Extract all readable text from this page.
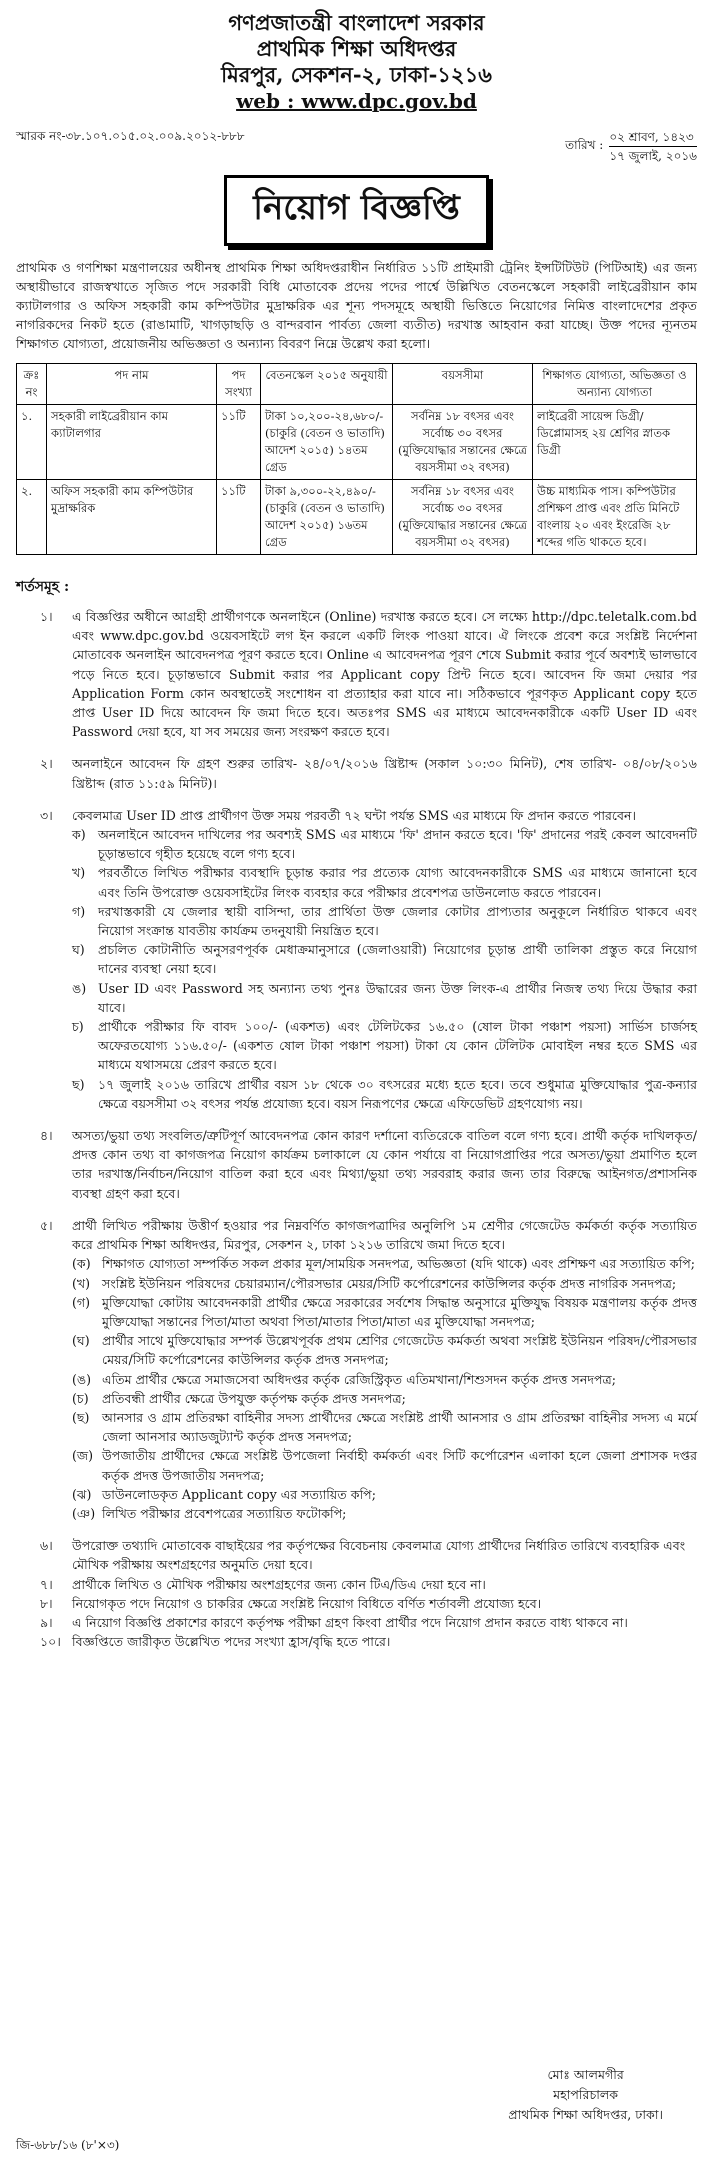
গণপ্রজাতন্ত্রী বাংলাদেশ সরকার
প্রাথমিক শিক্ষা অধিদপ্তর
মিরপুর, সেকশন-২, ঢাকা-১২১৬
web : www.dpc.gov.bd
স্মারক নং-৩৮.১০৭.০১৫.০২.০০৯.২০১২-৮৮৮
তারিখ :
০২ শ্রাবণ, ১৪২৩
১৭ জুলাই, ২০১৬
নিয়োগ বিজ্ঞপ্তি

প্রাথমিক ও গণশিক্ষা মন্ত্রণালয়ের অধীনস্থ প্রাথমিক শিক্ষা অধিদপ্তরাধীন নির্ধারিত ১১টি প্রাইমারী ট্রেনিং ইন্সটিটিউট (পিটিআই) এর জন্য অস্থায়ীভাবে রাজস্বখাতে সৃজিত পদে সরকারী বিধি মোতাবেক প্রদেয় পদের পার্শ্বে উল্লিখিত বেতনস্কেলে সহকারী লাইব্রেরীয়ান কাম ক্যাটালগার ও অফিস সহকারী কাম কম্পিউটার মুদ্রাক্ষরিক এর শূন্য পদসমূহে অস্থায়ী ভিত্তিতে নিয়োগের নিমিত্ত বাংলাদেশের প্রকৃত নাগরিকদের নিকট হতে (রাঙামাটি, খাগড়াছড়ি ও বান্দরবান পার্বত্য জেলা ব্যতীত) দরখাস্ত আহবান করা যাচ্ছে। উক্ত পদের ন্যূনতম শিক্ষাগত যোগ্যতা, প্রয়োজনীয় অভিজ্ঞতা ও অন্যান্য বিবরণ নিম্নে উল্লেখ করা হলো।

ক্রঃ নং	পদ নাম	পদ সংখ্যা	বেতনস্কেল ২০১৫ অনুযায়ী	বয়সসীমা	শিক্ষাগত যোগ্যতা, অভিজ্ঞতা ও অন্যান্য যোগ্যতা
১.	সহকারী লাইব্রেরীয়ান কাম ক্যাটালগার	১১টি	টাকা ১০,২০০-২৪,৬৮০/- (চাকুরি (বেতন ও ভাতাদি) আদেশ ২০১৫) ১৪তম গ্রেড	সর্বনিম্ন ১৮ বৎসর এবং সর্বোচ্চ ৩০ বৎসর (মুক্তিযোদ্ধার সন্তানের ক্ষেত্রে বয়সসীমা ৩২ বৎসর)	লাইব্রেরী সায়েন্স ডিগ্রী/ ডিপ্লোমাসহ ২য় শ্রেণির স্নাতক ডিগ্রী
২.	অফিস সহকারী কাম কম্পিউটার মুদ্রাক্ষরিক	১১টি	টাকা ৯,৩০০-২২,৪৯০/- (চাকুরি (বেতন ও ভাতাদি) আদেশ ২০১৫) ১৬তম গ্রেড	সর্বনিম্ন ১৮ বৎসর এবং সর্বোচ্চ ৩০ বৎসর (মুক্তিযোদ্ধার সন্তানের ক্ষেত্রে বয়সসীমা ৩২ বৎসর)	উচ্চ মাধ্যমিক পাস। কম্পিউটার প্রশিক্ষণ প্রাপ্ত এবং প্রতি মিনিটে বাংলায় ২০ এবং ইংরেজি ২৮ শব্দের গতি থাকতে হবে।
শর্তসমূহ :
১।	এ বিজ্ঞপ্তির অধীনে আগ্রহী প্রার্থীগণকে অনলাইনে (Online) দরখাস্ত করতে হবে। সে লক্ষ্যে http://dpc.teletalk.com.bd এবং www.dpc.gov.bd ওয়েবসাইটে লগ ইন করলে একটি লিংক পাওয়া যাবে। ঐ লিংকে প্রবেশ করে সংশ্লিষ্ট নির্দেশনা মোতাবেক অনলাইন আবেদনপত্র পূরণ করতে হবে। Online এ আবেদনপত্র পূরণ শেষে Submit করার পূর্বে অবশ্যই ভালভাবে পড়ে নিতে হবে। চূড়ান্তভাবে Submit করার পর Applicant copy প্রিন্ট নিতে হবে। আবেদন ফি জমা দেয়ার পর Application Form কোন অবস্থাতেই সংশোধন বা প্রত্যাহার করা যাবে না। সঠিকভাবে পূরণকৃত Applicant copy হতে প্রাপ্ত User ID দিয়ে আবেদন ফি জমা দিতে হবে। অতঃপর SMS এর মাধ্যমে আবেদনকারীকে একটি User ID এবং Password দেয়া হবে, যা সব সময়ের জন্য সংরক্ষণ করতে হবে।
২।	অনলাইনে আবেদন ফি গ্রহণ শুরুর তারিখ- ২৪/০৭/২০১৬ খ্রিষ্টাব্দ (সকাল ১০:৩০ মিনিট), শেষ তারিখ- ০৪/০৮/২০১৬ খ্রিষ্টাব্দ (রাত ১১:৫৯ মিনিট)।
৩।	কেবলমাত্র User ID প্রাপ্ত প্রার্থীগণ উক্ত সময় পরবর্তী ৭২ ঘন্টা পর্যন্ত SMS এর মাধ্যমে ফি প্রদান করতে পারবেন।
ক) অনলাইনে আবেদন দাখিলের পর অবশ্যই SMS এর মাধ্যমে 'ফি' প্রদান করতে হবে। 'ফি' প্রদানের পরই কেবল আবেদনটি চূড়ান্তভাবে গৃহীত হয়েছে বলে গণ্য হবে।
খ)	পরবর্তীতে লিখিত পরীক্ষার ব্যবস্থাদি চূড়ান্ত করার পর প্রত্যেক যোগ্য আবেদনকারীকে SMS এর মাধ্যমে জানানো হবে এবং তিনি উপরোক্ত ওয়েবসাইটের লিংক ব্যবহার করে পরীক্ষার প্রবেশপত্র ডাউনলোড করতে পারবেন।
গ)	দরখাস্তকারী যে জেলার স্থায়ী বাসিন্দা, তার প্রার্থিতা উক্ত জেলার কোটার প্রাপ্যতার অনুকূলে নির্ধারিত থাকবে এবং নিয়োগ সংক্রান্ত যাবতীয় কার্যক্রম তদনুযায়ী নিয়ন্ত্রিত হবে।
ঘ)	প্রচলিত কোটানীতি অনুসরণপূর্বক মেধাক্রমানুসারে (জেলাওয়ারী) নিয়োগের চূড়ান্ত প্রার্থী তালিকা প্রস্তুত করে নিয়োগ দানের ব্যবস্থা নেয়া হবে।
ঙ) User ID এবং Password সহ অন্যান্য তথ্য পুনঃ উদ্ধারের জন্য উক্ত লিংক-এ প্রার্থীর নিজস্ব তথ্য দিয়ে উদ্ধার করা যাবে।
চ)	প্রার্থীকে পরীক্ষার ফি বাবদ ১০০/- (একশত) এবং টেলিটকের ১৬.৫০ (ষোল টাকা পঞ্চাশ পয়সা) সার্ভিস চার্জসহ অফেরতযোগ্য ১১৬.৫০/- (একশত ষোল টাকা পঞ্চাশ পয়সা) টাকা যে কোন টেলিটক মোবাইল নম্বর হতে SMS এর মাধ্যমে যথাসময়ে প্রেরণ করতে হবে।
ছ)	১৭ জুলাই ২০১৬ তারিখে প্রার্থীর বয়স ১৮ থেকে ৩০ বৎসরের মধ্যে হতে হবে। তবে শুধুমাত্র মুক্তিযোদ্ধার পুত্র-কন্যার ক্ষেত্রে বয়সসীমা ৩২ বৎসর পর্যন্ত প্রযোজ্য হবে। বয়স নিরূপণের ক্ষেত্রে এফিডেভিট গ্রহণযোগ্য নয়।
৪।	অসত্য/ভুয়া তথ্য সংবলিত/ত্রুটিপূর্ণ আবেদনপত্র কোন কারণ দর্শানো ব্যতিরেকে বাতিল বলে গণ্য হবে। প্রার্থী কর্তৃক দাখিলকৃত/প্রদত্ত কোন তথ্য বা কাগজপত্র নিয়োগ কার্যক্রম চলাকালে যে কোন পর্যায়ে বা নিয়োগপ্রাপ্তির পরে অসত্য/ভুয়া প্রমাণিত হলে তার দরখাস্ত/নির্বাচন/নিয়োগ বাতিল করা হবে এবং মিথ্যা/ভুয়া তথ্য সরবরাহ করার জন্য তার বিরুদ্ধে আইনগত/প্রশাসনিক ব্যবস্থা গ্রহণ করা হবে।
৫।	প্রার্থী লিখিত পরীক্ষায় উত্তীর্ণ হওয়ার পর নিম্নবর্ণিত কাগজপত্রাদির অনুলিপি ১ম শ্রেণীর গেজেটেড কর্মকর্তা কর্তৃক সত্যায়িত করে প্রাথমিক শিক্ষা অধিদপ্তর, মিরপুর, সেকশন ২, ঢাকা ১২১৬ তারিখে জমা দিতে হবে।
(ক) শিক্ষাগত যোগ্যতা সম্পর্কিত সকল প্রকার মূল/সাময়িক সনদপত্র, অভিজ্ঞতা (যদি থাকে) এবং প্রশিক্ষণ এর সত্যায়িত কপি;
(খ) সংশ্লিষ্ট ইউনিয়ন পরিষদের চেয়ারম্যান/পৌরসভার মেয়র/সিটি কর্পোরেশনের কাউন্সিলর কর্তৃক প্রদত্ত নাগরিক সনদপত্র;
(গ) মুক্তিযোদ্ধা কোটায় আবেদনকারী প্রার্থীর ক্ষেত্রে সরকারের সর্বশেষ সিদ্ধান্ত অনুসারে মুক্তিযুদ্ধ বিষয়ক মন্ত্রণালয় কর্তৃক প্রদত্ত মুক্তিযোদ্ধা সন্তানের পিতা/মাতা অথবা পিতা/মাতার পিতা/মাতা এর মুক্তিযোদ্ধা সনদপত্র;
(ঘ) প্রার্থীর সাথে মুক্তিযোদ্ধার সম্পর্ক উল্লেখপূর্বক প্রথম শ্রেণির গেজেটেড কর্মকর্তা অথবা সংশ্লিষ্ট ইউনিয়ন পরিষদ/পৌরসভার মেয়র/সিটি কর্পোরেশনের কাউন্সিলর কর্তৃক প্রদত্ত সনদপত্র;
(ঙ) এতিম প্রার্থীর ক্ষেত্রে সমাজসেবা অধিদপ্তর কর্তৃক রেজিস্ট্রিকৃত এতিমখানা/শিশুসদন কর্তৃক প্রদত্ত সনদপত্র;
(চ)	প্রতিবন্ধী প্রার্থীর ক্ষেত্রে উপযুক্ত কর্তৃপক্ষ কর্তৃক প্রদত্ত সনদপত্র;
(ছ) আনসার ও গ্রাম প্রতিরক্ষা বাহিনীর সদস্য প্রার্থীদের ক্ষেত্রে সংশ্লিষ্ট প্রার্থী আনসার ও গ্রাম প্রতিরক্ষা বাহিনীর সদস্য এ মর্মে জেলা আনসার অ্যাডজুট্যান্ট কর্তৃক প্রদত্ত সনদপত্র;
(জ) উপজাতীয় প্রার্থীদের ক্ষেত্রে সংশ্লিষ্ট উপজেলা নির্বাহী কর্মকর্তা এবং সিটি কর্পোরেশন এলাকা হলে জেলা প্রশাসক দপ্তর কর্তৃক প্রদত্ত উপজাতীয় সনদপত্র;
(ঝ) ডাউনলোডকৃত Applicant copy এর সত্যায়িত কপি;
(ঞ) লিখিত পরীক্ষার প্রবেশপত্রের সত্যায়িত ফটোকপি;
৬।	উপরোক্ত তথ্যাদি মোতাবেক বাছাইয়ের পর কর্তৃপক্ষের বিবেচনায় কেবলমাত্র যোগ্য প্রার্থীদের নির্ধারিত তারিখে ব্যবহারিক এবং মৌখিক পরীক্ষায় অংশগ্রহণের অনুমতি দেয়া হবে।
৭।	প্রার্থীকে লিখিত ও মৌখিক পরীক্ষায় অংশগ্রহণের জন্য কোন টিএ/ডিএ দেয়া হবে না।
৮।	নিয়োগকৃত পদে নিয়োগ ও চাকরির ক্ষেত্রে সংশ্লিষ্ট নিয়োগ বিধিতে বর্ণিত শর্তাবলী প্রযোজ্য হবে।
৯।	এ নিয়োগ বিজ্ঞপ্তি প্রকাশের কারণে কর্তৃপক্ষ পরীক্ষা গ্রহণ কিংবা প্রার্থীর পদে নিয়োগ প্রদান করতে বাধ্য থাকবে না।
১০। বিজ্ঞপ্তিতে জারীকৃত উল্লেখিত পদের সংখ্যা হ্রাস/বৃদ্ধি হতে পারে।
মোঃ আলমগীর
মহাপরিচালক
প্রাথমিক শিক্ষা অধিদপ্তর, ঢাকা।
জি-৬৮৮/১৬ (৮'×৩)
